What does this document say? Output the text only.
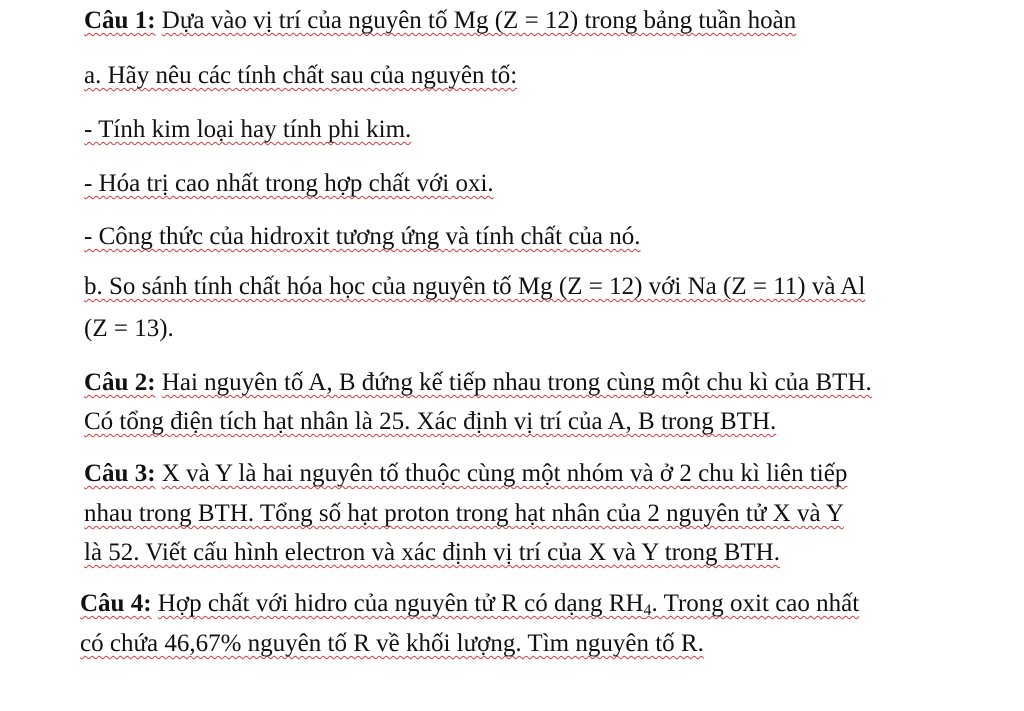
Câu 1: Dựa vào vị trí của nguyên tố Mg (Z = 12) trong bảng tuần hoàn
a. Hãy nêu các tính chất sau của nguyên tố:
- Tính kim loại hay tính phi kim.
- Hóa trị cao nhất trong hợp chất với oxi.
- Công thức của hidroxit tương ứng và tính chất của nó.
b. So sánh tính chất hóa học của nguyên tố Mg (Z = 12) với Na (Z = 11) và Al
(Z = 13).
Câu 2: Hai nguyên tố A, B đứng kế tiếp nhau trong cùng một chu kì của BTH.
Có tổng điện tích hạt nhân là 25. Xác định vị trí của A, B trong BTH.
Câu 3: X và Y là hai nguyên tố thuộc cùng một nhóm và ở 2 chu kì liên tiếp
nhau trong BTH. Tổng số hạt proton trong hạt nhân của 2 nguyên tử X và Y
là 52. Viết cấu hình electron và xác định vị trí của X và Y trong BTH.
Câu 4: Hợp chất với hidro của nguyên tử R có dạng $RH_4$. Trong oxit cao nhất
có chứa 46,67% nguyên tố R về khối lượng. Tìm nguyên tố R.
